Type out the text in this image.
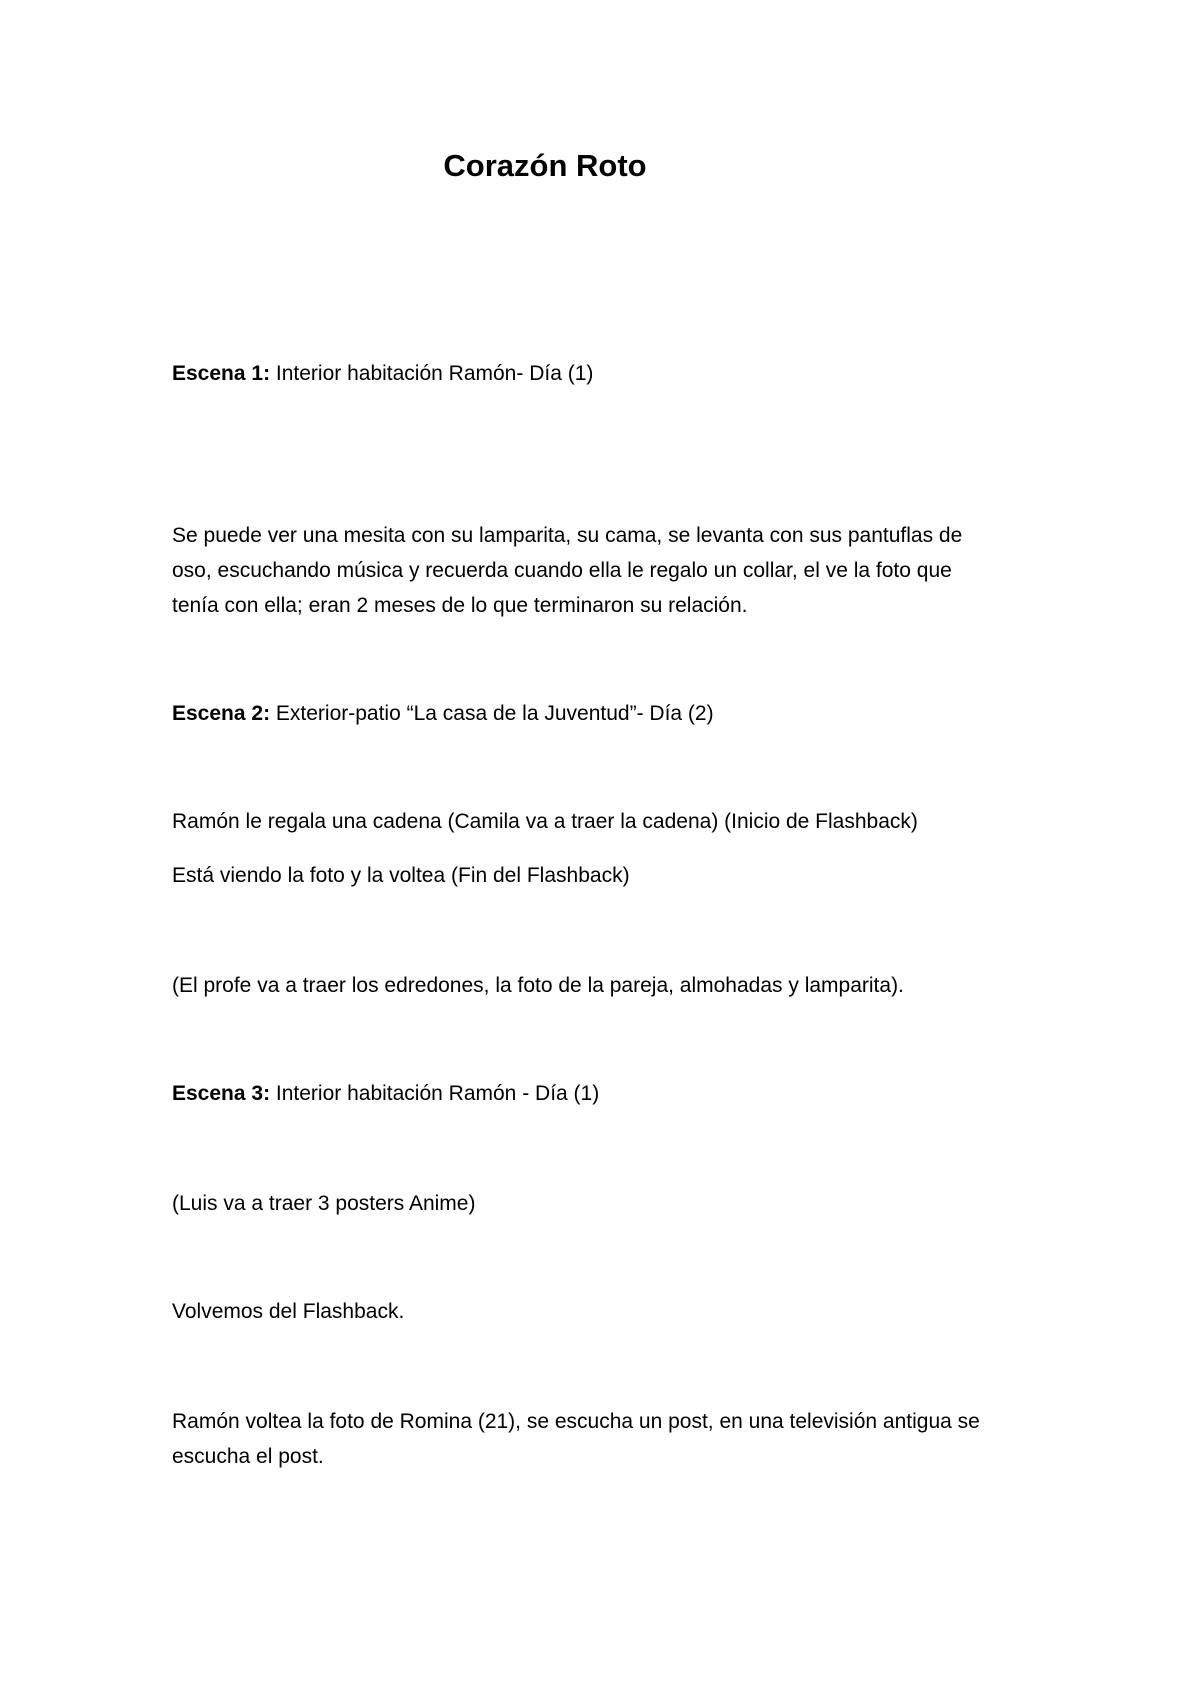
Corazón Roto
Escena 1: Interior habitación Ramón- Día (1)
Se puede ver una mesita con su lamparita, su cama, se levanta con sus pantuflas de
oso, escuchando música y recuerda cuando ella le regalo un collar, el ve la foto que
tenía con ella; eran 2 meses de lo que terminaron su relación.
Escena 2: Exterior-patio “La casa de la Juventud”- Día (2)
Ramón le regala una cadena (Camila va a traer la cadena) (Inicio de Flashback)
Está viendo la foto y la voltea (Fin del Flashback)
(El profe va a traer los edredones, la foto de la pareja, almohadas y lamparita).
Escena 3: Interior habitación Ramón - Día (1)
(Luis va a traer 3 posters Anime)
Volvemos del Flashback.
Ramón voltea la foto de Romina (21), se escucha un post, en una televisión antigua se
escucha el post.
